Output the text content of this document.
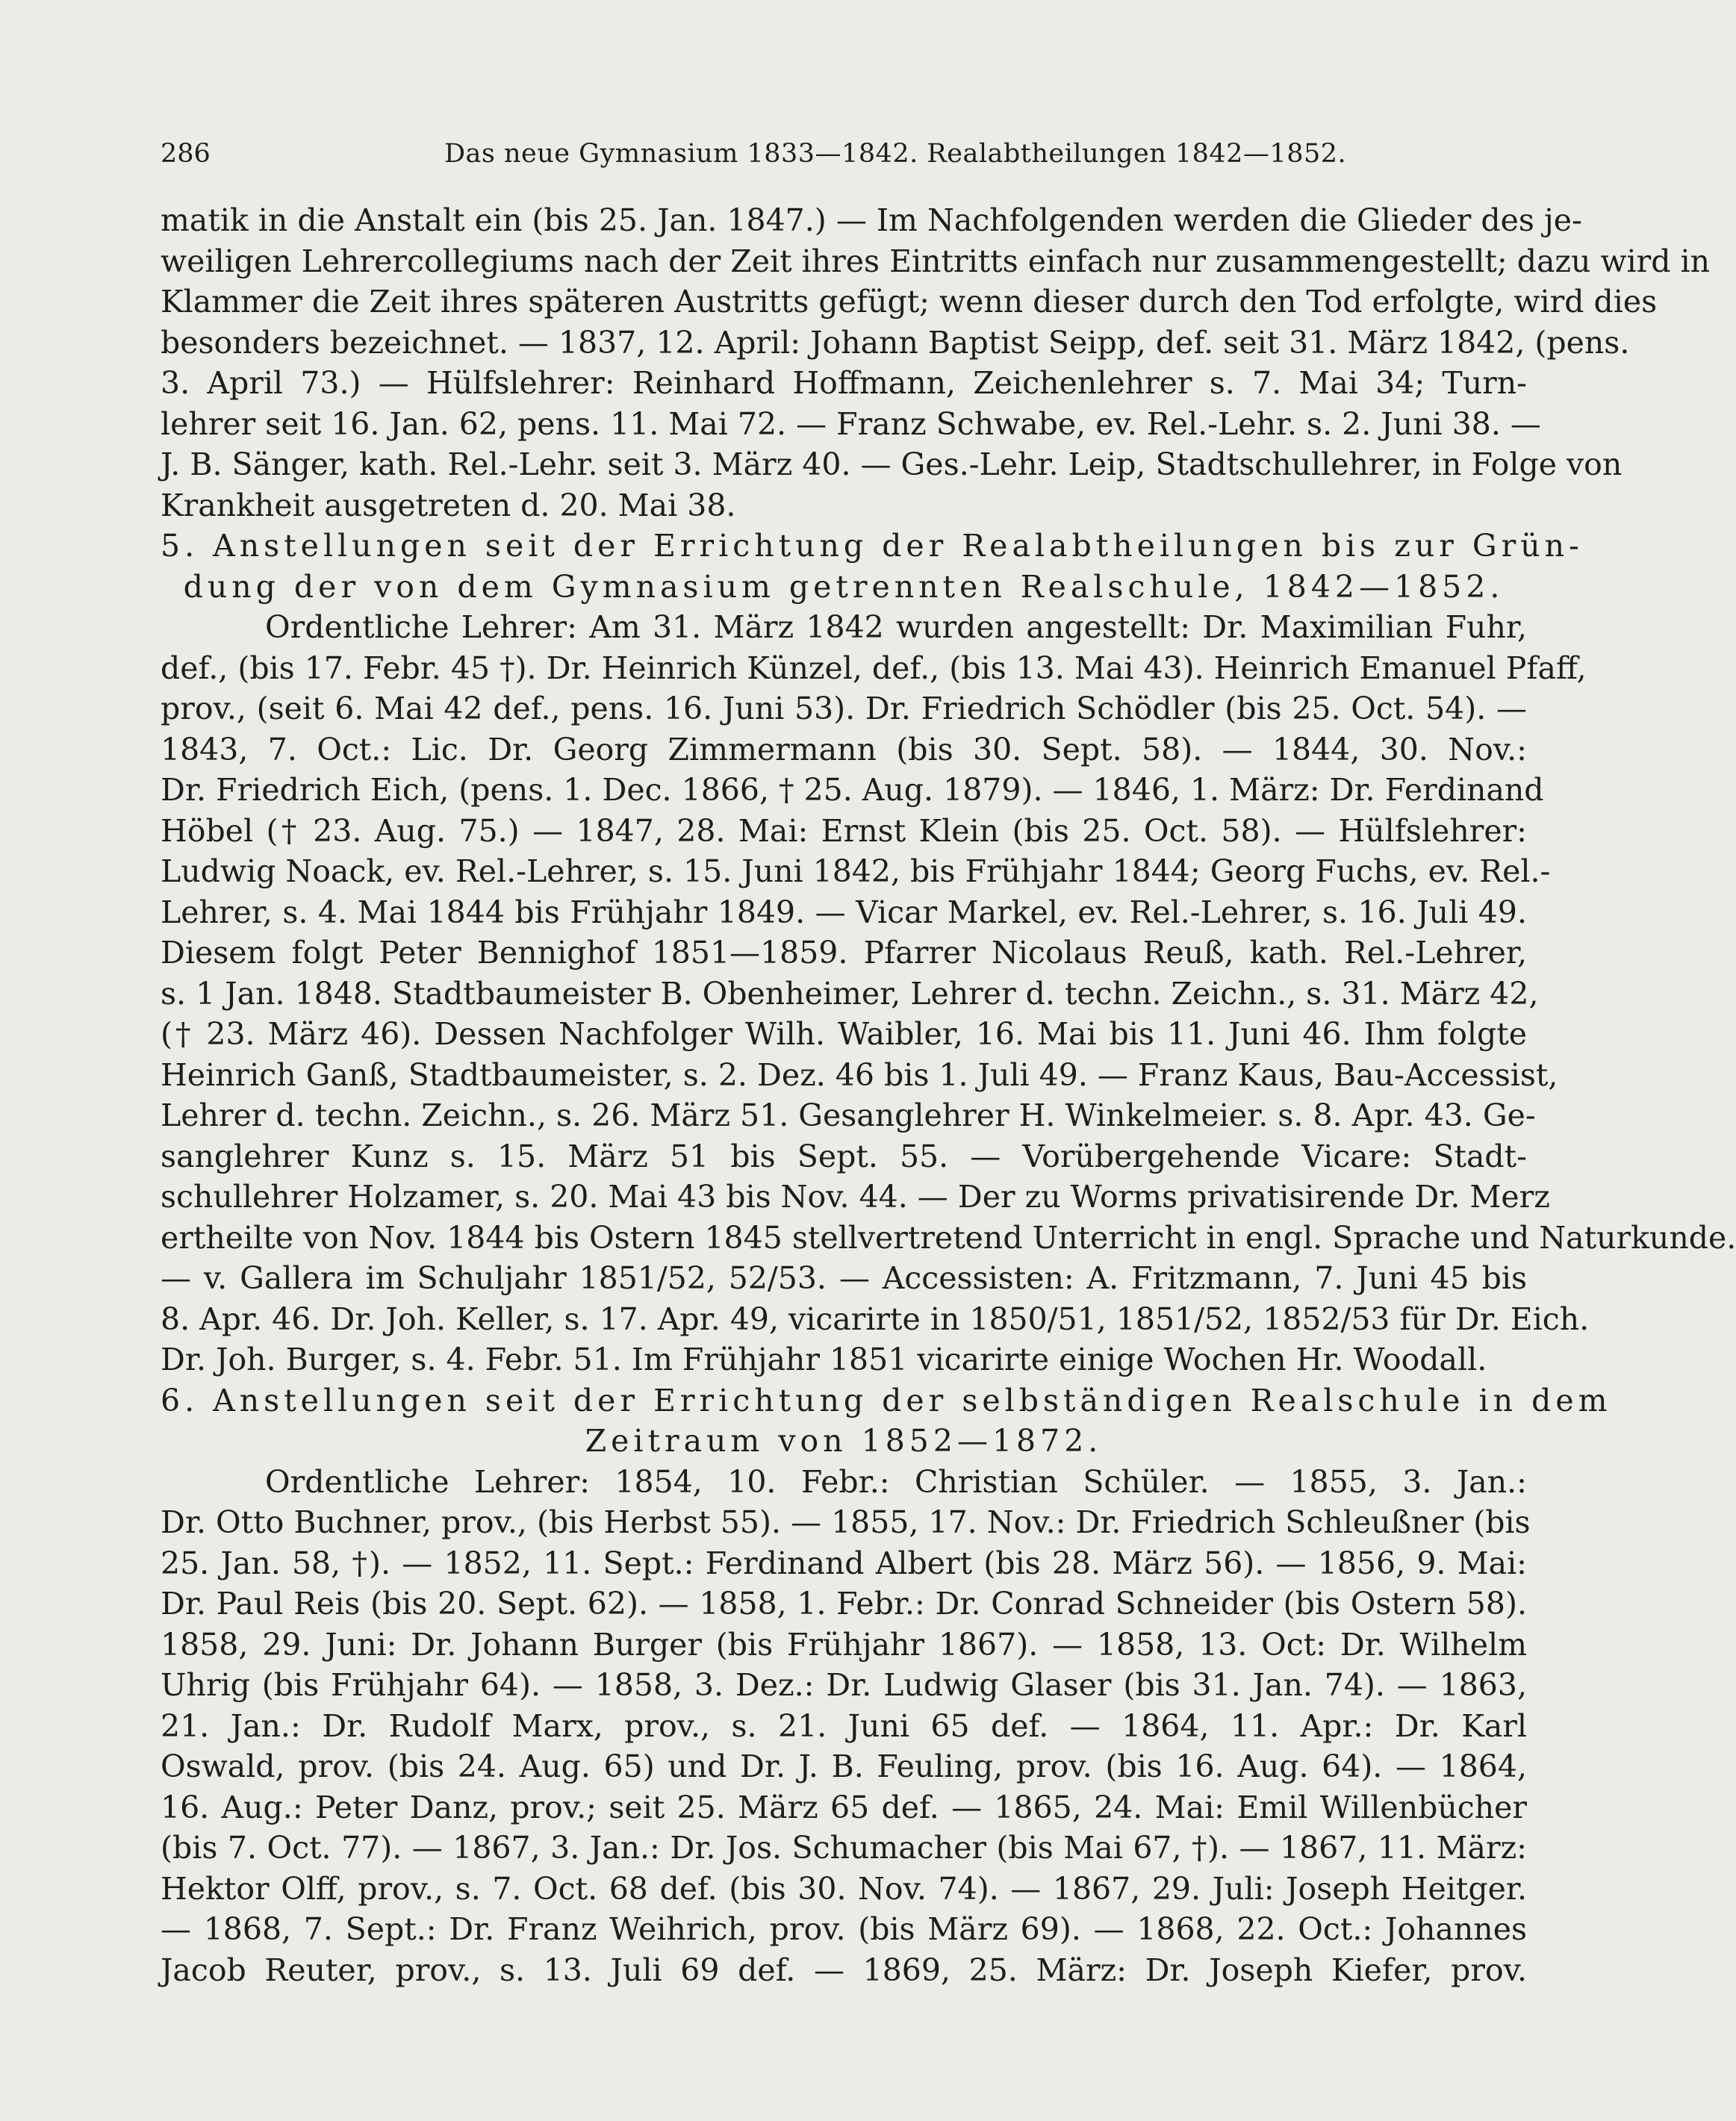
286	Das neue Gymnasium 1833—1842. Realabtheilungen 1842—1852.
matik in die Anstalt ein (bis 25. Jan. 1847.) — Im Nachfolgenden werden die Glieder des je-
weiligen Lehrercollegiums nach der Zeit ihres Eintritts einfach nur zusammengestellt; dazu wird in
Klammer die Zeit ihres späteren Austritts gefügt; wenn dieser durch den Tod erfolgte, wird dies
besonders bezeichnet. — 1837, 12. April: Johann Baptist Seipp, def. seit 31. März 1842, (pens.
3. April 73.) — Hülfslehrer: Reinhard Hoffmann, Zeichenlehrer s. 7. Mai 34; Turn-
lehrer seit 16. Jan. 62, pens. 11. Mai 72. — Franz Schwabe, ev. Rel.-Lehr. s. 2. Juni 38. —
J. B. Sänger, kath. Rel.-Lehr. seit 3. März 40. — Ges.-Lehr. Leip, Stadtschullehrer, in Folge von
Krankheit ausgetreten d. 20. Mai 38.
5. Anstellungen seit der Errichtung der Realabtheilungen bis zur Grün-
dung der von dem Gymnasium getrennten Realschule, 1842—1852.
Ordentliche Lehrer: Am 31. März 1842 wurden angestellt: Dr. Maximilian Fuhr,
def., (bis 17. Febr. 45 †). Dr. Heinrich Künzel, def., (bis 13. Mai 43). Heinrich Emanuel Pfaff,
prov., (seit 6. Mai 42 def., pens. 16. Juni 53). Dr. Friedrich Schödler (bis 25. Oct. 54). —
1843, 7. Oct.: Lic. Dr. Georg Zimmermann (bis 30. Sept. 58). — 1844, 30. Nov.:
Dr. Friedrich Eich, (pens. 1. Dec. 1866, † 25. Aug. 1879). — 1846, 1. März: Dr. Ferdinand
Höbel († 23. Aug. 75.) — 1847, 28. Mai: Ernst Klein (bis 25. Oct. 58). — Hülfslehrer:
Ludwig Noack, ev. Rel.-Lehrer, s. 15. Juni 1842, bis Frühjahr 1844; Georg Fuchs, ev. Rel.-
Lehrer, s. 4. Mai 1844 bis Frühjahr 1849. — Vicar Markel, ev. Rel.-Lehrer, s. 16. Juli 49.
Diesem folgt Peter Bennighof 1851—1859. Pfarrer Nicolaus Reuß, kath. Rel.-Lehrer,
s. 1 Jan. 1848. Stadtbaumeister B. Obenheimer, Lehrer d. techn. Zeichn., s. 31. März 42,
(† 23. März 46). Dessen Nachfolger Wilh. Waibler, 16. Mai bis 11. Juni 46. Ihm folgte
Heinrich Ganß, Stadtbaumeister, s. 2. Dez. 46 bis 1. Juli 49. — Franz Kaus, Bau-Accessist,
Lehrer d. techn. Zeichn., s. 26. März 51. Gesanglehrer H. Winkelmeier. s. 8. Apr. 43. Ge-
sanglehrer Kunz s. 15. März 51 bis Sept. 55. — Vorübergehende Vicare: Stadt-
schullehrer Holzamer, s. 20. Mai 43 bis Nov. 44. — Der zu Worms privatisirende Dr. Merz
ertheilte von Nov. 1844 bis Ostern 1845 stellvertretend Unterricht in engl. Sprache und Naturkunde.
— v. Gallera im Schuljahr 1851/52, 52/53. — Accessisten: A. Fritzmann, 7. Juni 45 bis
8. Apr. 46. Dr. Joh. Keller, s. 17. Apr. 49, vicarirte in 1850/51, 1851/52, 1852/53 für Dr. Eich.
Dr. Joh. Burger, s. 4. Febr. 51. Im Frühjahr 1851 vicarirte einige Wochen Hr. Woodall.
6. Anstellungen seit der Errichtung der selbständigen Realschule in dem
Zeitraum von 1852—1872.
Ordentliche Lehrer: 1854, 10. Febr.: Christian Schüler. — 1855, 3. Jan.:
Dr. Otto Buchner, prov., (bis Herbst 55). — 1855, 17. Nov.: Dr. Friedrich Schleußner (bis
25. Jan. 58, †). — 1852, 11. Sept.: Ferdinand Albert (bis 28. März 56). — 1856, 9. Mai:
Dr. Paul Reis (bis 20. Sept. 62). — 1858, 1. Febr.: Dr. Conrad Schneider (bis Ostern 58).
1858, 29. Juni: Dr. Johann Burger (bis Frühjahr 1867). — 1858, 13. Oct: Dr. Wilhelm
Uhrig (bis Frühjahr 64). — 1858, 3. Dez.: Dr. Ludwig Glaser (bis 31. Jan. 74). — 1863,
21. Jan.: Dr. Rudolf Marx, prov., s. 21. Juni 65 def. — 1864, 11. Apr.: Dr. Karl
Oswald, prov. (bis 24. Aug. 65) und Dr. J. B. Feuling, prov. (bis 16. Aug. 64). — 1864,
16. Aug.: Peter Danz, prov.; seit 25. März 65 def. — 1865, 24. Mai: Emil Willenbücher
(bis 7. Oct. 77). — 1867, 3. Jan.: Dr. Jos. Schumacher (bis Mai 67, †). — 1867, 11. März:
Hektor Olff, prov., s. 7. Oct. 68 def. (bis 30. Nov. 74). — 1867, 29. Juli: Joseph Heitger.
— 1868, 7. Sept.: Dr. Franz Weihrich, prov. (bis März 69). — 1868, 22. Oct.: Johannes
Jacob Reuter, prov., s. 13. Juli 69 def. — 1869, 25. März: Dr. Joseph Kiefer, prov.
